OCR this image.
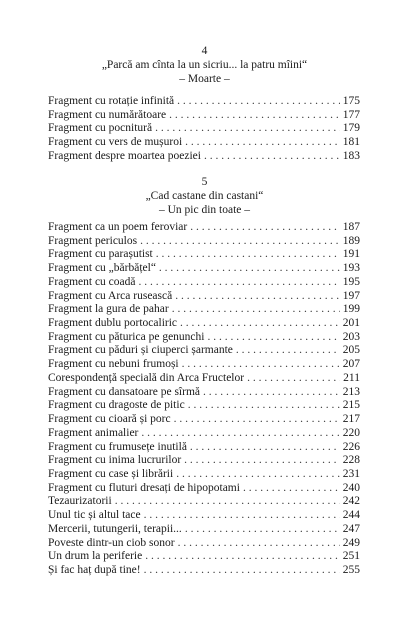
4
„Parcă am cînta la un sicriu... la patru mîini“
– Moarte –
Fragment cu rotație infinită . . .	175
Fragment cu numărătoare . . .	177
Fragment cu pocnitură . . .	179
Fragment cu vers de mușuroi . . .	181
Fragment despre moartea poeziei . . .	183
5
„Cad castane din castani“
– Un pic din toate –
Fragment ca un poem feroviar . . .	187
Fragment periculos . . .	189
Fragment cu parașutist . . .	191
Fragment cu „bărbățel“ . . .	193
Fragment cu coadă . . .	195
Fragment cu Arca rusească . . .	197
Fragment la gura de pahar . . .	199
Fragment dublu portocaliric . . .	201
Fragment cu păturica pe genunchi . . .	203
Fragment cu păduri și ciuperci șarmante . . .	205
Fragment cu nebuni frumoși . . .	207
Corespondență specială din Arca Fructelor . . .	211
Fragment cu dansatoare pe sîrmă . . .	213
Fragment cu dragoste de pitic . . .	215
Fragment cu cioară și porc . . .	217
Fragment animalier . . .	220
Fragment cu frumusețe inutilă . . .	226
Fragment cu inima lucrurilor . . .	228
Fragment cu case și librării . . .	231
Fragment cu fluturi dresați de hipopotami . . .	240
Tezaurizatorii . . .	242
Unul tic și altul tace . . .	244
Mercerii, tutungerii, terapii... . . .	247
Poveste dintr-un ciob sonor . . .	249
Un drum la periferie . . .	251
Și fac haț după tine! . . .	255
